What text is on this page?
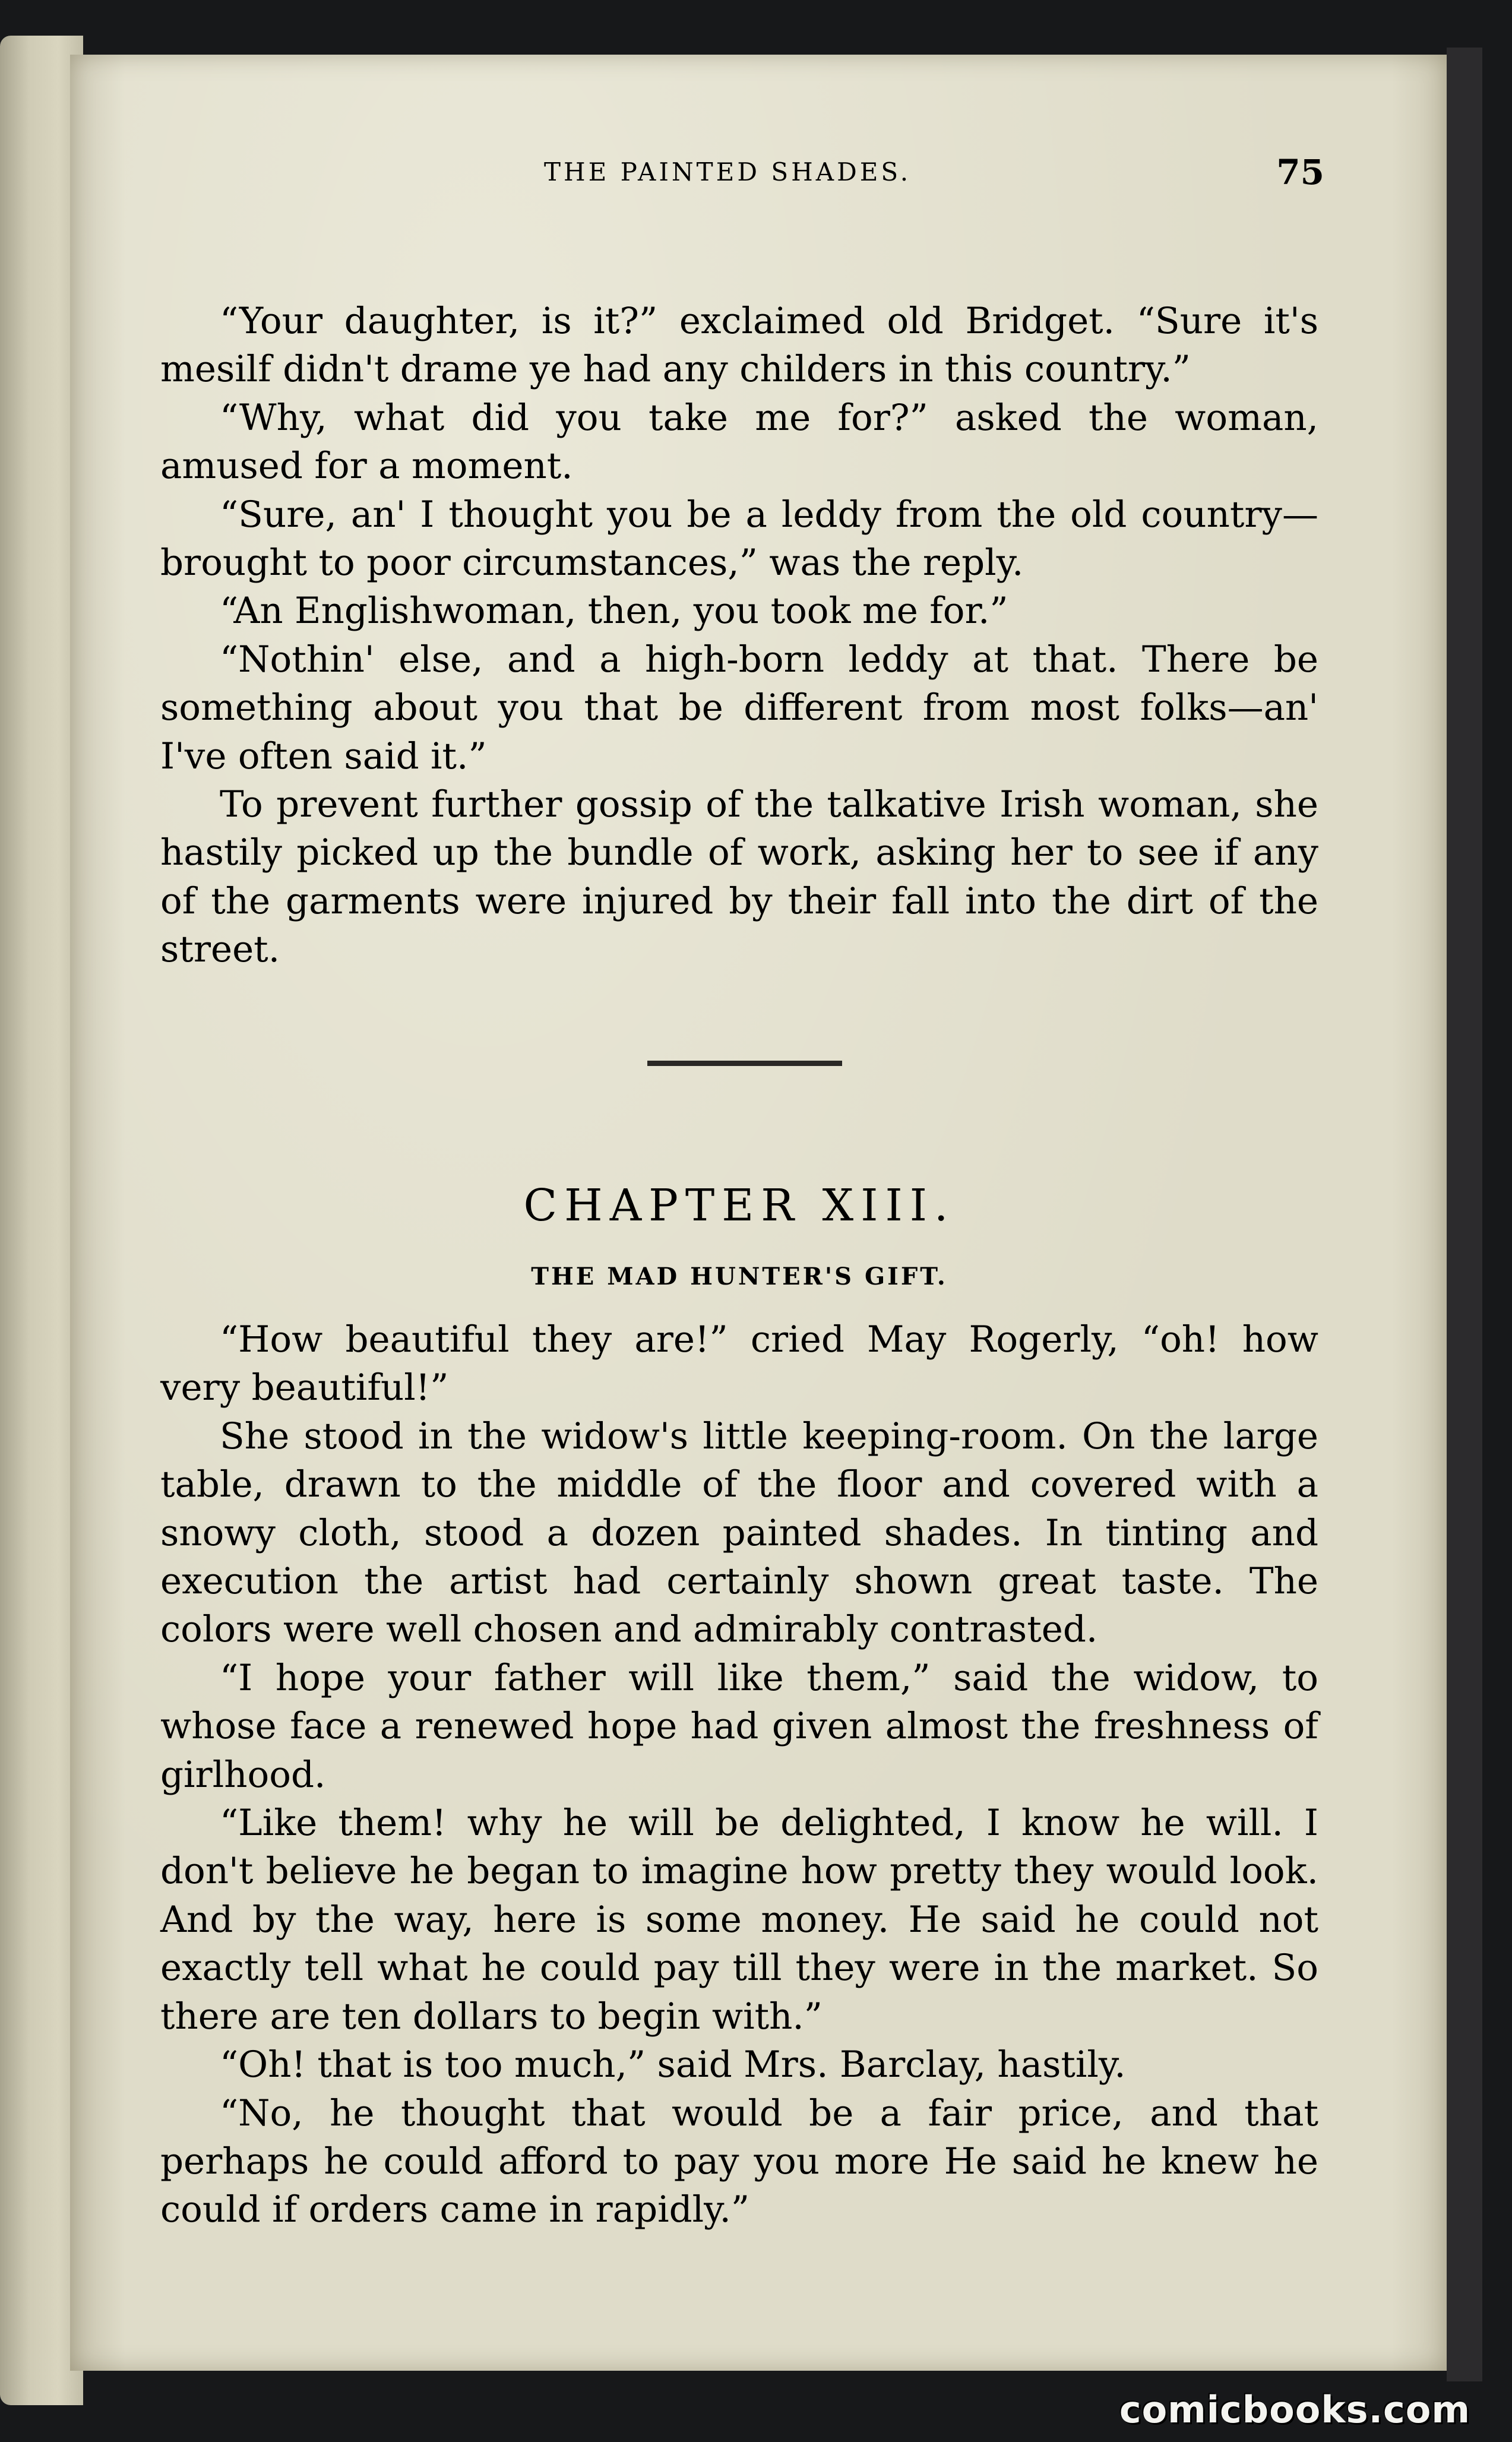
THE PAINTED SHADES.	75

“Your daughter, is it?” exclaimed old Bridget. “Sure it's mesilf didn't drame ye had any childers in this country.”

“Why, what did you take me for?” asked the woman, amused for a moment.

“Sure, an' I thought you be a leddy from the old country—brought to poor circumstances,” was the reply.

“An Englishwoman, then, you took me for.”

“Nothin' else, and a high-born leddy at that. There be something about you that be different from most folks—an' I've often said it.”

To prevent further gossip of the talkative Irish woman, she hastily picked up the bundle of work, asking her to see if any of the garments were injured by their fall into the dirt of the street.

CHAPTER XIII.
THE MAD HUNTER'S GIFT.

“How beautiful they are!” cried May Rogerly, “oh! how very beautiful!”

She stood in the widow's little keeping-room. On the large table, drawn to the middle of the floor and covered with a snowy cloth, stood a dozen painted shades. In tinting and execution the artist had certainly shown great taste. The colors were well chosen and admirably contrasted.

“I hope your father will like them,” said the widow, to whose face a renewed hope had given almost the freshness of girlhood.

“Like them! why he will be delighted, I know he will. I don't believe he began to imagine how pretty they would look. And by the way, here is some money. He said he could not exactly tell what he could pay till they were in the market. So there are ten dollars to begin with.”

“Oh! that is too much,” said Mrs. Barclay, hastily.

“No, he thought that would be a fair price, and that perhaps he could afford to pay you more He said he knew he could if orders came in rapidly.”

comicbooks.com
